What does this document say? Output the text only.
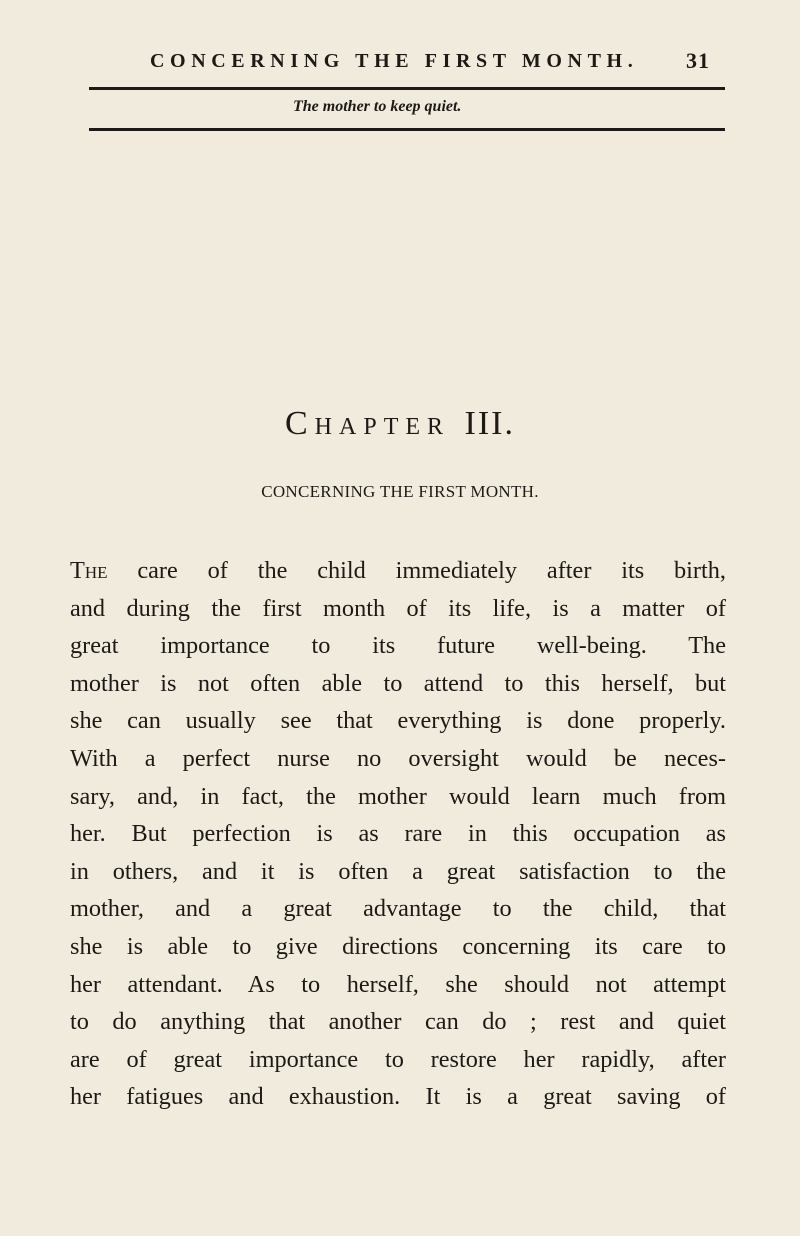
CONCERNING THE FIRST MONTH. 31
The mother to keep quiet.
Chapter III.
CONCERNING THE FIRST MONTH.
The care of the child immediately after its birth,
and during the first month of its life, is a matter of
great importance to its future well-being. The
mother is not often able to attend to this herself, but
she can usually see that everything is done properly.
With a perfect nurse no oversight would be neces-
sary, and, in fact, the mother would learn much from
her. But perfection is as rare in this occupation as
in others, and it is often a great satisfaction to the
mother, and a great advantage to the child, that
she is able to give directions concerning its care to
her attendant. As to herself, she should not attempt
to do anything that another can do ; rest and quiet
are of great importance to restore her rapidly, after
her fatigues and exhaustion. It is a great saving of
